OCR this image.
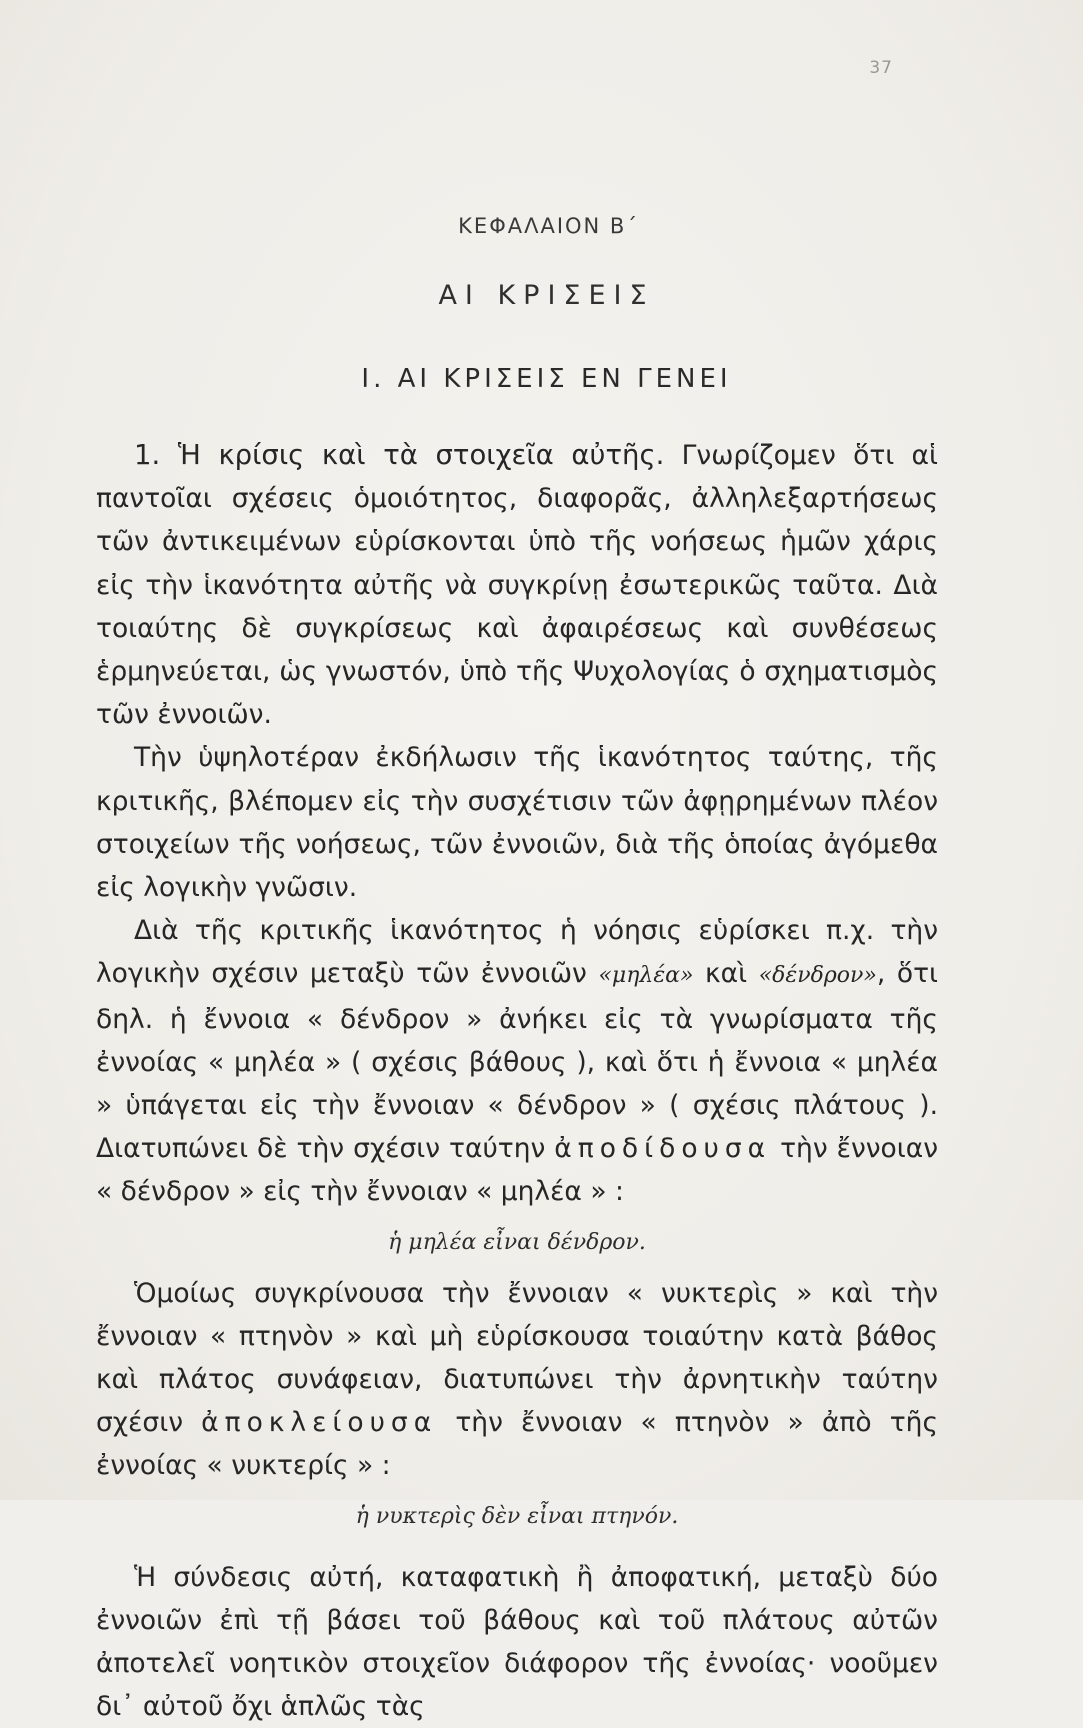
37
ΚΕΦΑΛΑΙΟΝ Β΄
ΑΙ ΚΡΙΣΕΙΣ
Ι. ΑΙ ΚΡΙΣΕΙΣ ΕΝ ΓΕΝΕΙ

1. Ἡ κρίσις καὶ τὰ στοιχεῖα αὐτῆς. Γνωρίζομεν ὅτι αἱ παντοῖαι σχέσεις ὁμοιότητος, διαφορᾶς, ἀλληλεξαρτήσεως τῶν ἀντικειμένων εὑρίσκονται ὑπὸ τῆς νοήσεως ἡμῶν χάρις εἰς τὴν ἱκανότητα αὐτῆς νὰ συγκρίνῃ ἐσωτερικῶς ταῦτα. Διὰ τοιαύτης δὲ συγκρίσεως καὶ ἀφαιρέσεως καὶ συνθέσεως ἑρμηνεύεται, ὡς γνωστόν, ὑπὸ τῆς Ψυχολογίας ὁ σχηματισμὸς τῶν ἐννοιῶν.

Τὴν ὑψηλοτέραν ἐκδήλωσιν τῆς ἱκανότητος ταύτης, τῆς κριτικῆς, βλέπομεν εἰς τὴν συσχέτισιν τῶν ἀφῃρημένων πλέον στοιχείων τῆς νοήσεως, τῶν ἐννοιῶν, διὰ τῆς ὁποίας ἀγόμεθα εἰς λογικὴν γνῶσιν.

Διὰ τῆς κριτικῆς ἱκανότητος ἡ νόησις εὑρίσκει π.χ. τὴν λογικὴν σχέσιν μεταξὺ τῶν ἐννοιῶν «μηλέα» καὶ «δένδρον», ὅτι δηλ. ἡ ἔννοια « δένδρον » ἀνήκει εἰς τὰ γνωρίσματα τῆς ἐννοίας « μηλέα » ( σχέσις βάθους ), καὶ ὅτι ἡ ἔννοια « μηλέα » ὑπάγεται εἰς τὴν ἔννοιαν « δένδρον » ( σχέσις πλάτους ). Διατυπώνει δὲ τὴν σχέσιν ταύτην ἀποδίδουσα τὴν ἔννοιαν « δένδρον » εἰς τὴν ἔννοιαν « μηλέα » :

ἡ μηλέα εἶναι δένδρον.

Ὁμοίως συγκρίνουσα τὴν ἔννοιαν « νυκτερὶς » καὶ τὴν ἔννοιαν « πτηνὸν » καὶ μὴ εὑρίσκουσα τοιαύτην κατὰ βάθος καὶ πλάτος συνάφειαν, διατυπώνει τὴν ἀρνητικὴν ταύτην σχέσιν ἀποκλείουσα τὴν ἔννοιαν « πτηνὸν » ἀπὸ τῆς ἐννοίας « νυκτερίς » :

ἡ νυκτερὶς δὲν εἶναι πτηνόν.

Ἡ σύνδεσις αὐτή, καταφατικὴ ἢ ἀποφατική, μεταξὺ δύο ἐννοιῶν ἐπὶ τῇ βάσει τοῦ βάθους καὶ τοῦ πλάτους αὐτῶν ἀποτελεῖ νοητικὸν στοιχεῖον διάφορον τῆς ἐννοίας· νοοῦμεν δι᾿ αὐτοῦ ὄχι ἁπλῶς τὰς
